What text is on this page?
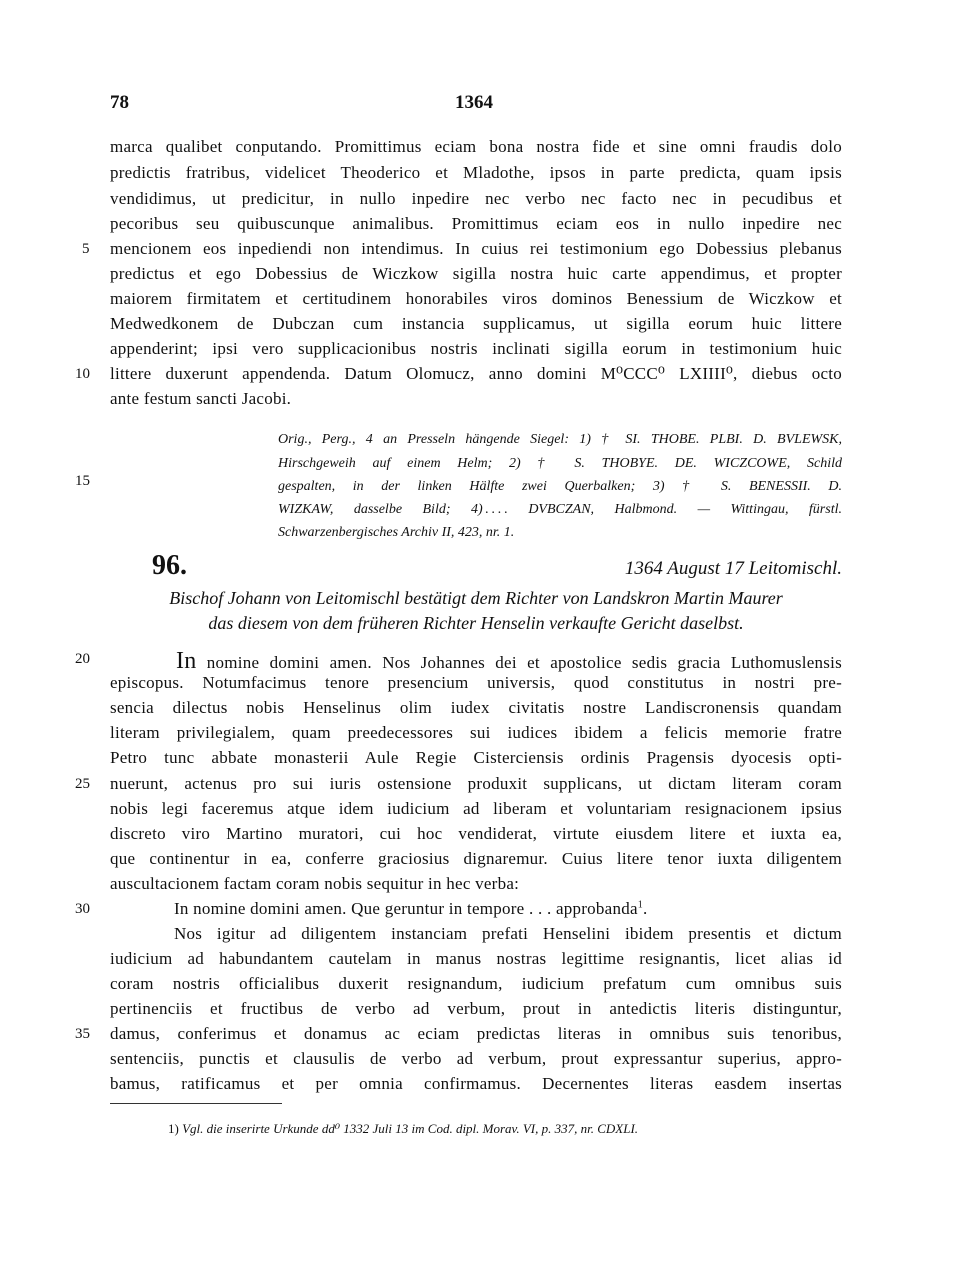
78	1364
marca qualibet conputando. Promittimus eciam bona nostra fide et sine omni fraudis dolo
predictis fratribus, videlicet Theoderico et Mladothe, ipsos in parte predicta, quam ipsis
vendidimus, ut predicitur, in nullo inpedire nec verbo nec facto nec in pecudibus et
pecoribus seu quibuscunque animalibus. Promittimus eciam eos in nullo inpedire nec
mencionem eos inpediendi non intendimus. In cuius rei testimonium ego Dobessius plebanus
predictus et ego Dobessius de Wiczkow sigilla nostra huic carte appendimus, et propter
maiorem firmitatem et certitudinem honorabiles viros dominos Benessium de Wiczkow et
Medwedkonem de Dubczan cum instancia supplicamus, ut sigilla eorum huic littere
appenderint; ipsi vero supplicacionibus nostris inclinati sigilla eorum in testimonium huic
littere duxerunt appendenda. Datum Olomucz, anno domini M⁰CCC⁰ LXIIII⁰, diebus octo
ante festum sancti Jacobi.
Orig., Perg., 4 an Presseln hängende Siegel: 1) † SI. THOBE. PLBI. D. BVLEWSK,
Hirschgeweih auf einem Helm; 2) † S. THOBYE. DE. WICZCOWE, Schild
gespalten, in der linken Hälfte zwei Querbalken; 3) † S. BENESSII. D.
WIZKAW, dasselbe Bild; 4) . . . . DVBCZAN, Halbmond. — Wittingau, fürstl.
Schwarzenbergisches Archiv II, 423, nr. 1.
96.	1364 August 17 Leitomischl.
Bischof Johann von Leitomischl bestätigt dem Richter von Landskron Martin Maurer
das diesem von dem früheren Richter Henselin verkaufte Gericht daselbst.
In nomine domini amen. Nos Johannes dei et apostolice sedis gracia Luthomuslensis
episcopus. Notumfacimus tenore presencium universis, quod constitutus in nostri pre-
sencia dilectus nobis Henselinus olim iudex civitatis nostre Landiscronensis quandam
literam privilegialem, quam preedecessores sui iudices ibidem a felicis memorie fratre
Petro tunc abbate monasterii Aule Regie Cisterciensis ordinis Pragensis dyocesis opti-
nuerunt, actenus pro sui iuris ostensione produxit supplicans, ut dictam literam coram
nobis legi faceremus atque idem iudicium ad liberam et voluntariam resignacionem ipsius
discreto viro Martino muratori, cui hoc vendiderat, virtute eiusdem litere et iuxta ea,
que continentur in ea, conferre graciosius dignaremur. Cuius litere tenor iuxta diligentem
auscultacionem factam coram nobis sequitur in hec verba:
In nomine domini amen. Que geruntur in tempore . . . approbanda$^1$.
Nos igitur ad diligentem instanciam prefati Henselini ibidem presentis et dictum
iudicium ad habundantem cautelam in manus nostras legittime resignantis, licet alias id
coram nostris officialibus duxerit resignandum, iudicium prefatum cum omnibus suis
pertinenciis et fructibus de verbo ad verbum, prout in antedictis literis distinguntur,
damus, conferimus et donamus ac eciam predictas literas in omnibus suis tenoribus,
sentenciis, punctis et clausulis de verbo ad verbum, prout expressantur superius, appro-
bamus, ratificamus et per omnia confirmamus. Decernentes literas easdem insertas
5
10
15
20
25
30
35
1) Vgl. die inserirte Urkunde dd⁰ 1332 Juli 13 im Cod. dipl. Morav. VI, p. 337, nr. CDXLI.
